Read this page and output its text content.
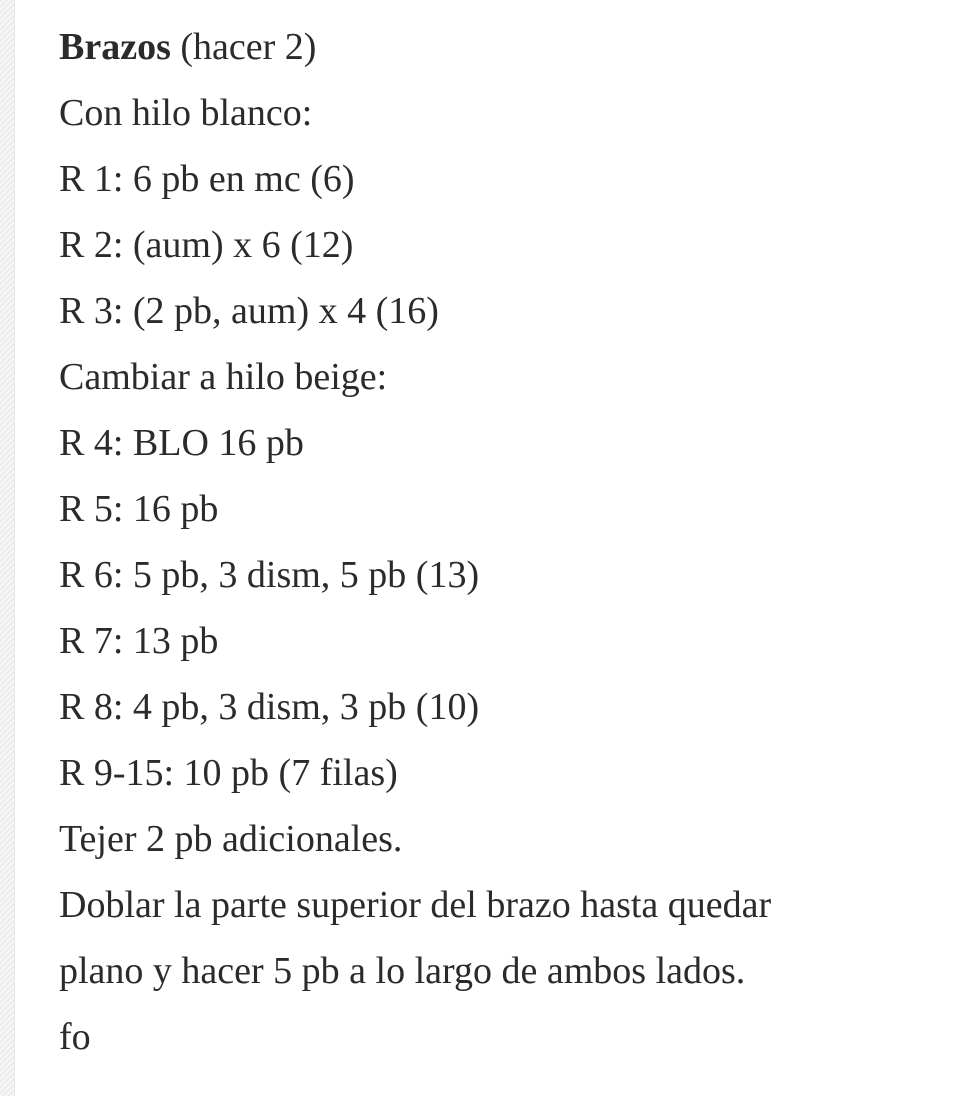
Brazos (hacer 2)

Con hilo blanco:

R 1: 6 pb en mc (6)

R 2: (aum) x 6 (12)

R 3: (2 pb, aum) x 4 (16)

Cambiar a hilo beige:

R 4: BLO 16 pb

R 5: 16 pb

R 6: 5 pb, 3 dism, 5 pb (13)

R 7: 13 pb

R 8: 4 pb, 3 dism, 3 pb (10)

R 9-15: 10 pb (7 filas)

Tejer 2 pb adicionales.

Doblar la parte superior del brazo hasta quedar

plano y hacer 5 pb a lo largo de ambos lados.

fo
